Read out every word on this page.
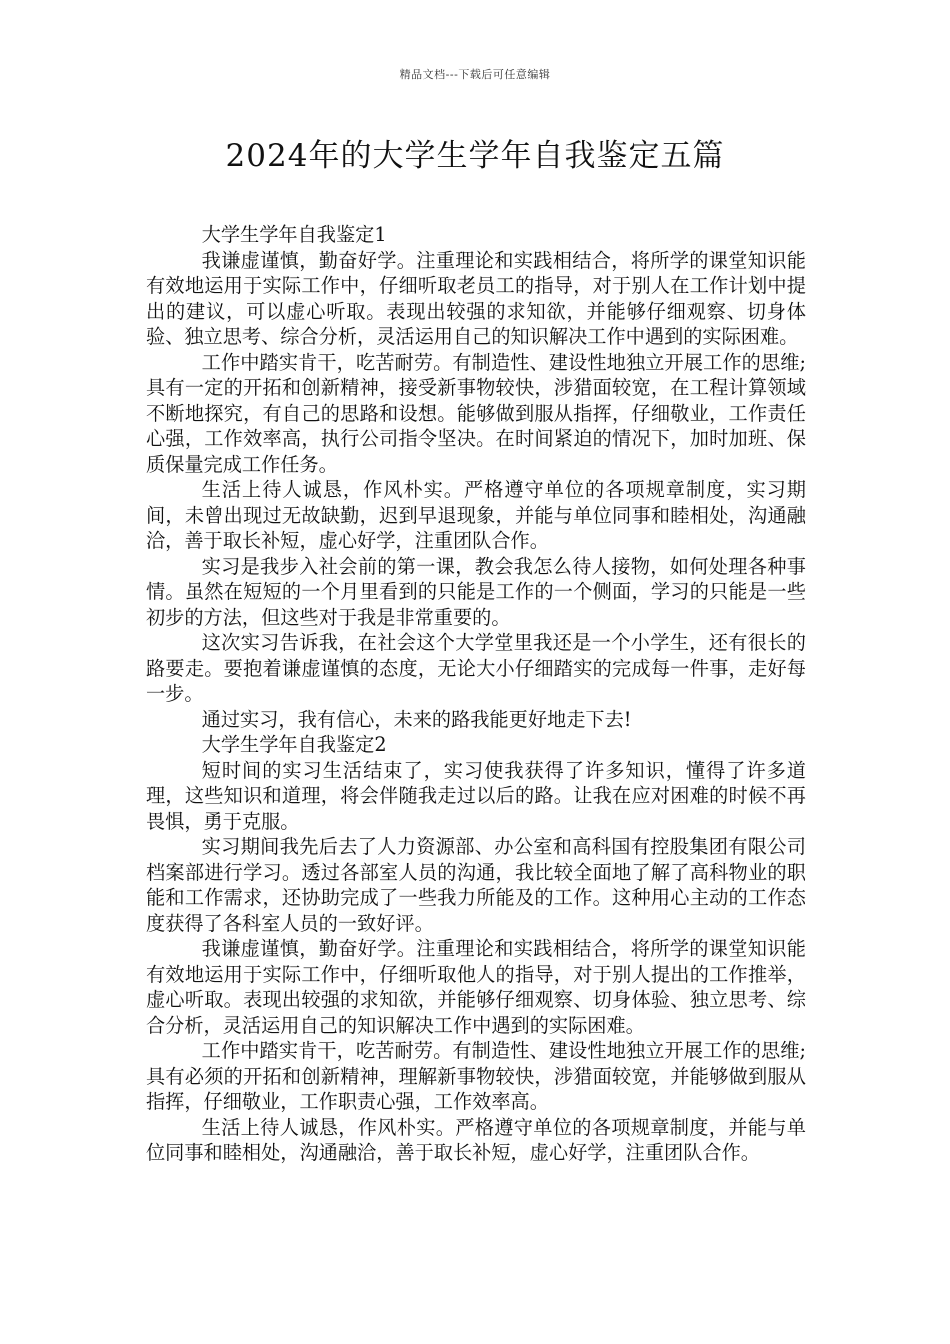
精品文档---下载后可任意编辑
2024年的大学生学年自我鉴定五篇

大学生学年自我鉴定1

我谦虚谨慎，勤奋好学。注重理论和实践相结合，将所学的课堂知识能有效地运用于实际工作中，仔细听取老员工的指导，对于别人在工作计划中提出的建议，可以虚心听取。表现出较强的求知欲，并能够仔细观察、切身体验、独立思考、综合分析，灵活运用自己的知识解决工作中遇到的实际困难。

工作中踏实肯干，吃苦耐劳。有制造性、建设性地独立开展工作的思维;具有一定的开拓和创新精神，接受新事物较快，涉猎面较宽，在工程计算领域不断地探究，有自己的思路和设想。能够做到服从指挥，仔细敬业，工作责任心强，工作效率高，执行公司指令坚决。在时间紧迫的情况下，加时加班、保质保量完成工作任务。

生活上待人诚恳，作风朴实。严格遵守单位的各项规章制度，实习期间，未曾出现过无故缺勤，迟到早退现象，并能与单位同事和睦相处，沟通融洽，善于取长补短，虚心好学，注重团队合作。

实习是我步入社会前的第一课，教会我怎么待人接物，如何处理各种事情。虽然在短短的一个月里看到的只能是工作的一个侧面，学习的只能是一些初步的方法，但这些对于我是非常重要的。

这次实习告诉我，在社会这个大学堂里我还是一个小学生，还有很长的路要走。要抱着谦虚谨慎的态度，无论大小仔细踏实的完成每一件事，走好每一步。

通过实习，我有信心，未来的路我能更好地走下去!

大学生学年自我鉴定2

短时间的实习生活结束了，实习使我获得了许多知识，懂得了许多道理，这些知识和道理，将会伴随我走过以后的路。让我在应对困难的时候不再畏惧，勇于克服。

实习期间我先后去了人力资源部、办公室和高科国有控股集团有限公司档案部进行学习。透过各部室人员的沟通，我比较全面地了解了高科物业的职能和工作需求，还协助完成了一些我力所能及的工作。这种用心主动的工作态度获得了各科室人员的一致好评。

我谦虚谨慎，勤奋好学。注重理论和实践相结合，将所学的课堂知识能有效地运用于实际工作中，仔细听取他人的指导，对于别人提出的工作推举，虚心听取。表现出较强的求知欲，并能够仔细观察、切身体验、独立思考、综合分析，灵活运用自己的知识解决工作中遇到的实际困难。

工作中踏实肯干，吃苦耐劳。有制造性、建设性地独立开展工作的思维;具有必须的开拓和创新精神，理解新事物较快，涉猎面较宽，并能够做到服从指挥，仔细敬业，工作职责心强，工作效率高。

生活上待人诚恳，作风朴实。严格遵守单位的各项规章制度，并能与单位同事和睦相处，沟通融洽，善于取长补短，虚心好学，注重团队合作。
